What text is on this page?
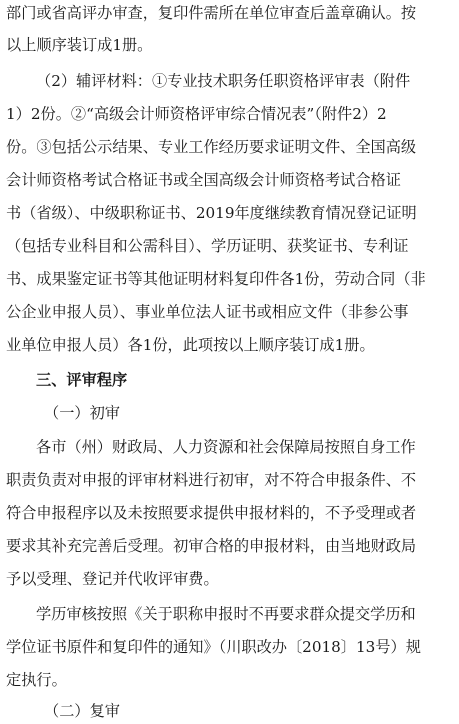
部门或省高评办审查，复印件需所在单位审查后盖章确认。按
以上顺序装订成1册。
（2）辅评材料：①专业技术职务任职资格评审表（附件
1）2份。②“高级会计师资格评审综合情况表”（附件2）2
份。③包括公示结果、专业工作经历要求证明文件、全国高级
会计师资格考试合格证书或全国高级会计师资格考试合格证
书（省级）、中级职称证书、2019年度继续教育情况登记证明
（包括专业科目和公需科目）、学历证明、获奖证书、专利证
书、成果鉴定证书等其他证明材料复印件各1份，劳动合同（非
公企业申报人员）、事业单位法人证书或相应文件（非参公事
业单位申报人员）各1份，此项按以上顺序装订成1册。
三、评审程序
（一）初审
各市（州）财政局、人力资源和社会保障局按照自身工作
职责负责对申报的评审材料进行初审，对不符合申报条件、不
符合申报程序以及未按照要求提供申报材料的，不予受理或者
要求其补充完善后受理。初审合格的申报材料，由当地财政局
予以受理、登记并代收评审费。
学历审核按照《关于职称申报时不再要求群众提交学历和
学位证书原件和复印件的通知》（川职改办〔2018〕13号）规
定执行。
（二）复审
